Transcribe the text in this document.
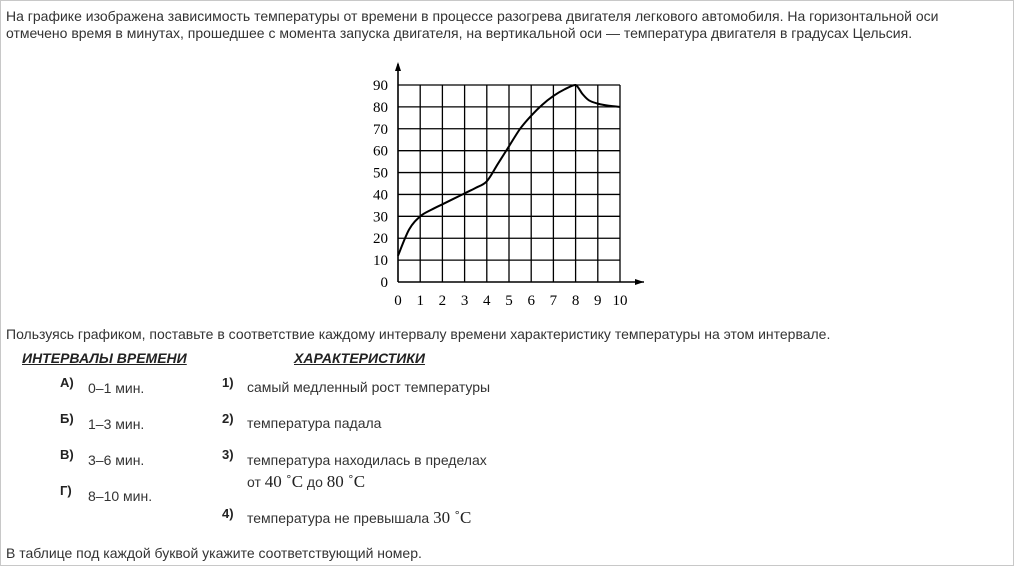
На графике изображена зависимость температуры от времени в процессе разогрева двигателя легкового автомобиля. На горизонтальной оси
отмечено время в минутах, прошедшее с момента запуска двигателя, на вертикальной оси — температура двигателя в градусах Цельсия.
0 1 2 3 4 5 6 7 8 9 10
0
10
20
30
40
50
60
70
80
90
Пользуясь графиком, поставьте в соответствие каждому интервалу времени характеристику температуры на этом интервале.
ИНТЕРВАЛЫ ВРЕМЕНИ	ХАРАКТЕРИСТИКИ
А) 0–1 мин.
Б) 1–3 мин.
В) 3–6 мин.
Г) 8–10 мин.
1) самый медленный рост температуры
2) температура падала
3) температура находилась в пределах
от 40 ˚C до 80 ˚C
4) температура не превышала 30 ˚C
В таблице под каждой буквой укажите соответствующий номер.
